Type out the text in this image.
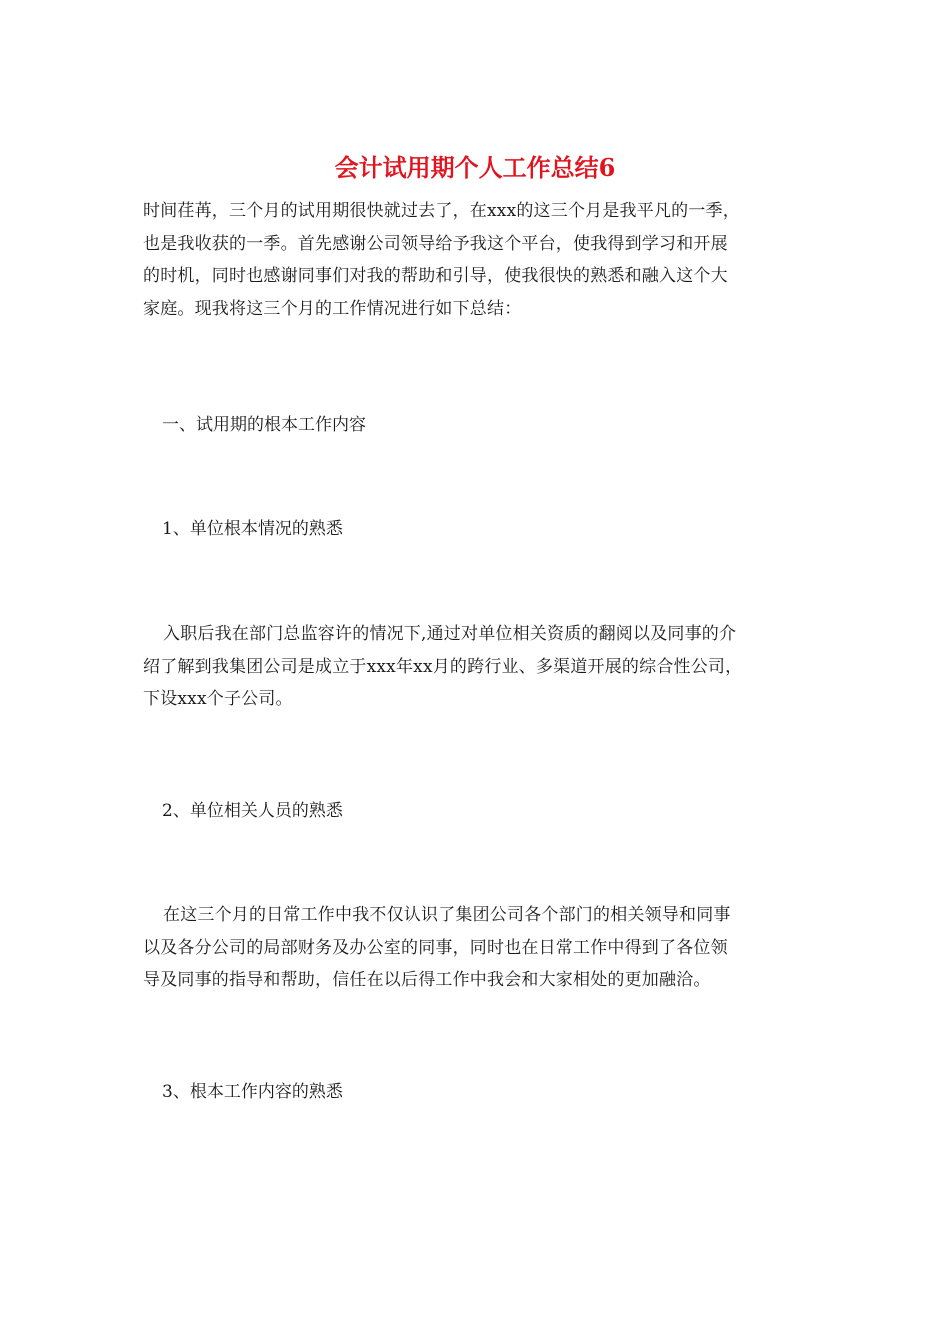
会计试用期个人工作总结6
时间荏苒，三个月的试用期很快就过去了，在xxx的这三个月是我平凡的一季，
也是我收获的一季。首先感谢公司领导给予我这个平台，使我得到学习和开展
的时机，同时也感谢同事们对我的帮助和引导，使我很快的熟悉和融入这个大
家庭。现我将这三个月的工作情况进行如下总结：
一、试用期的根本工作内容
1、单位根本情况的熟悉
入职后我在部门总监容许的情况下,通过对单位相关资质的翻阅以及同事的介
绍了解到我集团公司是成立于xxx年xx月的跨行业、多渠道开展的综合性公司，
下设xxx个子公司。
2、单位相关人员的熟悉
在这三个月的日常工作中我不仅认识了集团公司各个部门的相关领导和同事
以及各分公司的局部财务及办公室的同事，同时也在日常工作中得到了各位领
导及同事的指导和帮助，信任在以后得工作中我会和大家相处的更加融洽。
3、根本工作内容的熟悉
